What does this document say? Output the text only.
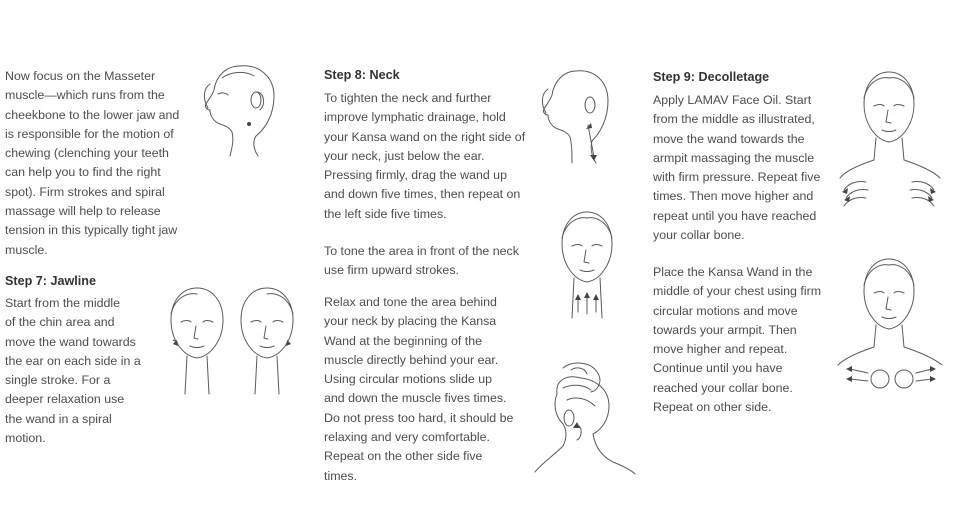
Now focus on the Masseter
muscle—which runs from the
cheekbone to the lower jaw and
is responsible for the motion of
chewing (clenching your teeth
can help you to find the right
spot). Firm strokes and spiral
massage will help to release
tension in this typically tight jaw
muscle.

Step 7: Jawline

Start from the middle
of the chin area and
move the wand towards
the ear on each side in a
single stroke. For a
deeper relaxation use
the wand in a spiral
motion.

Step 8: Neck

To tighten the neck and further
improve lymphatic drainage, hold
your Kansa wand on the right side of
your neck, just below the ear.
Pressing firmly, drag the wand up
and down five times, then repeat on
the left side five times.

To tone the area in front of the neck
use firm upward strokes.

Relax and tone the area behind
your neck by placing the Kansa
Wand at the beginning of the
muscle directly behind your ear.
Using circular motions slide up
and down the muscle fives times.
Do not press too hard, it should be
relaxing and very comfortable.
Repeat on the other side five
times.

Step 9: Decolletage

Apply LAMAV Face Oil. Start
from the middle as illustrated,
move the wand towards the
armpit massaging the muscle
with firm pressure. Repeat five
times. Then move higher and
repeat until you have reached
your collar bone.

Place the Kansa Wand in the
middle of your chest using firm
circular motions and move
towards your armpit. Then
move higher and repeat.
Continue until you have
reached your collar bone.
Repeat on other side.
